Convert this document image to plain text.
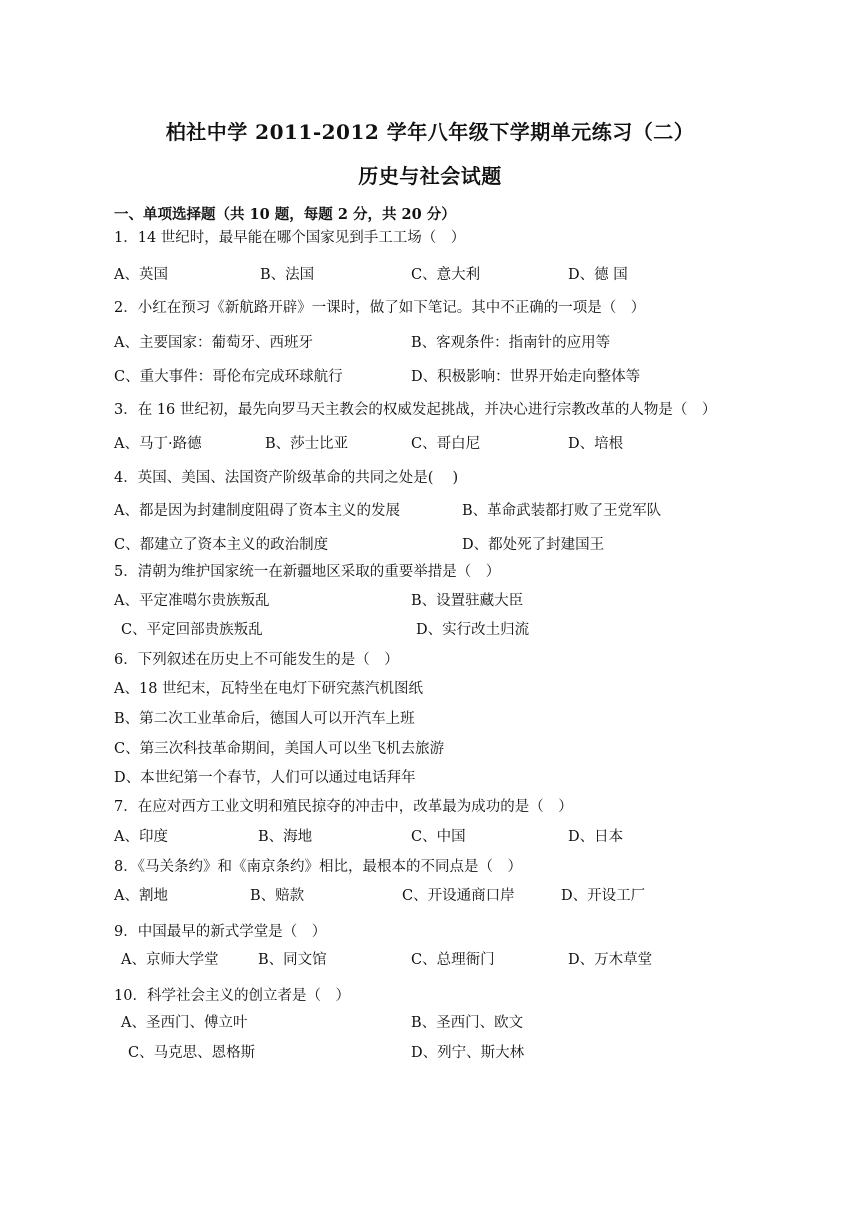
柏社中学 2011-2012 学年八年级下学期单元练习（二）
历史与社会试题
一、单项选择题（共 10 题，每题 2 分，共 20 分）
1．14 世纪时，最早能在哪个国家见到手工工场（　）
A、英国	B、法国	C、意大利	D、德 国
2．小红在预习《新航路开辟》一课时，做了如下笔记。其中不正确的一项是（　）
A、主要国家：葡萄牙、西班牙	B、客观条件：指南针的应用等
C、重大事件：哥伦布完成环球航行	D、积极影响：世界开始走向整体等
3．在 16 世纪初，最先向罗马天主教会的权威发起挑战，并决心进行宗教改革的人物是（　）
A、马丁·路德	B、莎士比亚	C、哥白尼	D、培根
4．英国、美国、法国资产阶级革命的共同之处是(　 )
A、都是因为封建制度阻碍了资本主义的发展	B、革命武装都打败了王党军队
C、都建立了资本主义的政治制度	D、都处死了封建国王
5．清朝为维护国家统一在新疆地区采取的重要举措是（　）
A、平定准噶尔贵族叛乱	B、设置驻藏大臣
C、平定回部贵族叛乱	D、实行改土归流
6．下列叙述在历史上不可能发生的是（　）
A、18 世纪末，瓦特坐在电灯下研究蒸汽机图纸
B、第二次工业革命后，德国人可以开汽车上班
C、第三次科技革命期间，美国人可以坐飞机去旅游
D、本世纪第一个春节，人们可以通过电话拜年
7．在应对西方工业文明和殖民掠夺的冲击中，改革最为成功的是（　）
A、印度	B、海地	C、中国	D、日本
8．《马关条约》和《南京条约》相比，最根本的不同点是（　）
A、割地	B、赔款	C、开设通商口岸	D、开设工厂
9．中国最早的新式学堂是（　）
A、京师大学堂	B、同文馆	C、总理衙门	D、万木草堂
10．科学社会主义的创立者是（　）
A、圣西门、傅立叶	B、圣西门、欧文
C、马克思、恩格斯	D、列宁、斯大林
